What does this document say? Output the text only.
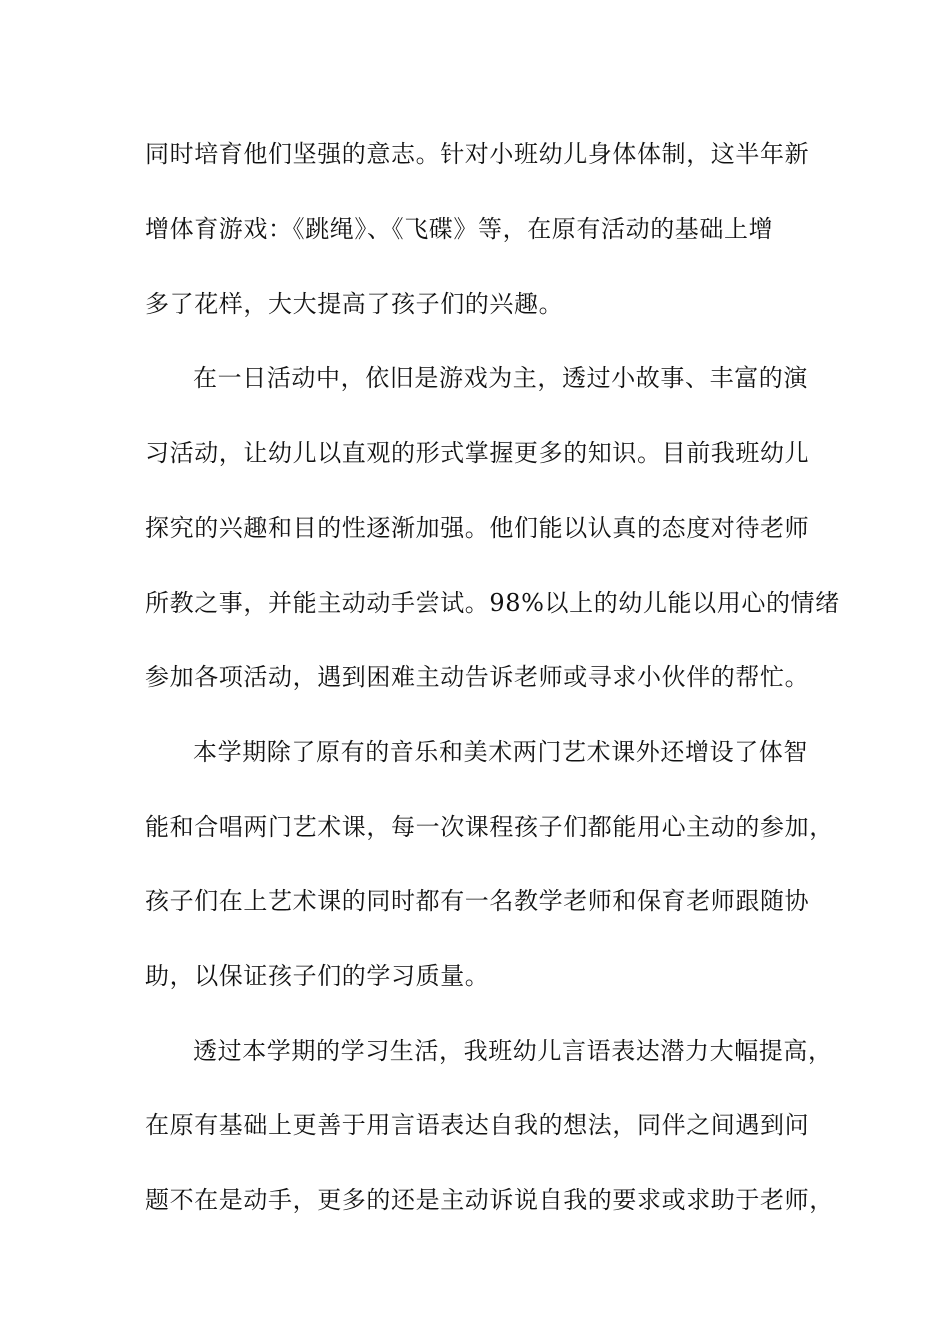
同时培育他们坚强的意志。针对小班幼儿身体体制，这半年新
增体育游戏：《跳绳》、《飞碟》等，在原有活动的基础上增
多了花样，大大提高了孩子们的兴趣。
在一日活动中，依旧是游戏为主，透过小故事、丰富的演
习活动，让幼儿以直观的形式掌握更多的知识。目前我班幼儿
探究的兴趣和目的性逐渐加强。他们能以认真的态度对待老师
所教之事，并能主动动手尝试。98%以上的幼儿能以用心的情绪
参加各项活动，遇到困难主动告诉老师或寻求小伙伴的帮忙。
本学期除了原有的音乐和美术两门艺术课外还增设了体智
能和合唱两门艺术课，每一次课程孩子们都能用心主动的参加，
孩子们在上艺术课的同时都有一名教学老师和保育老师跟随协
助，以保证孩子们的学习质量。
透过本学期的学习生活，我班幼儿言语表达潜力大幅提高，
在原有基础上更善于用言语表达自我的想法，同伴之间遇到问
题不在是动手，更多的还是主动诉说自我的要求或求助于老师，
